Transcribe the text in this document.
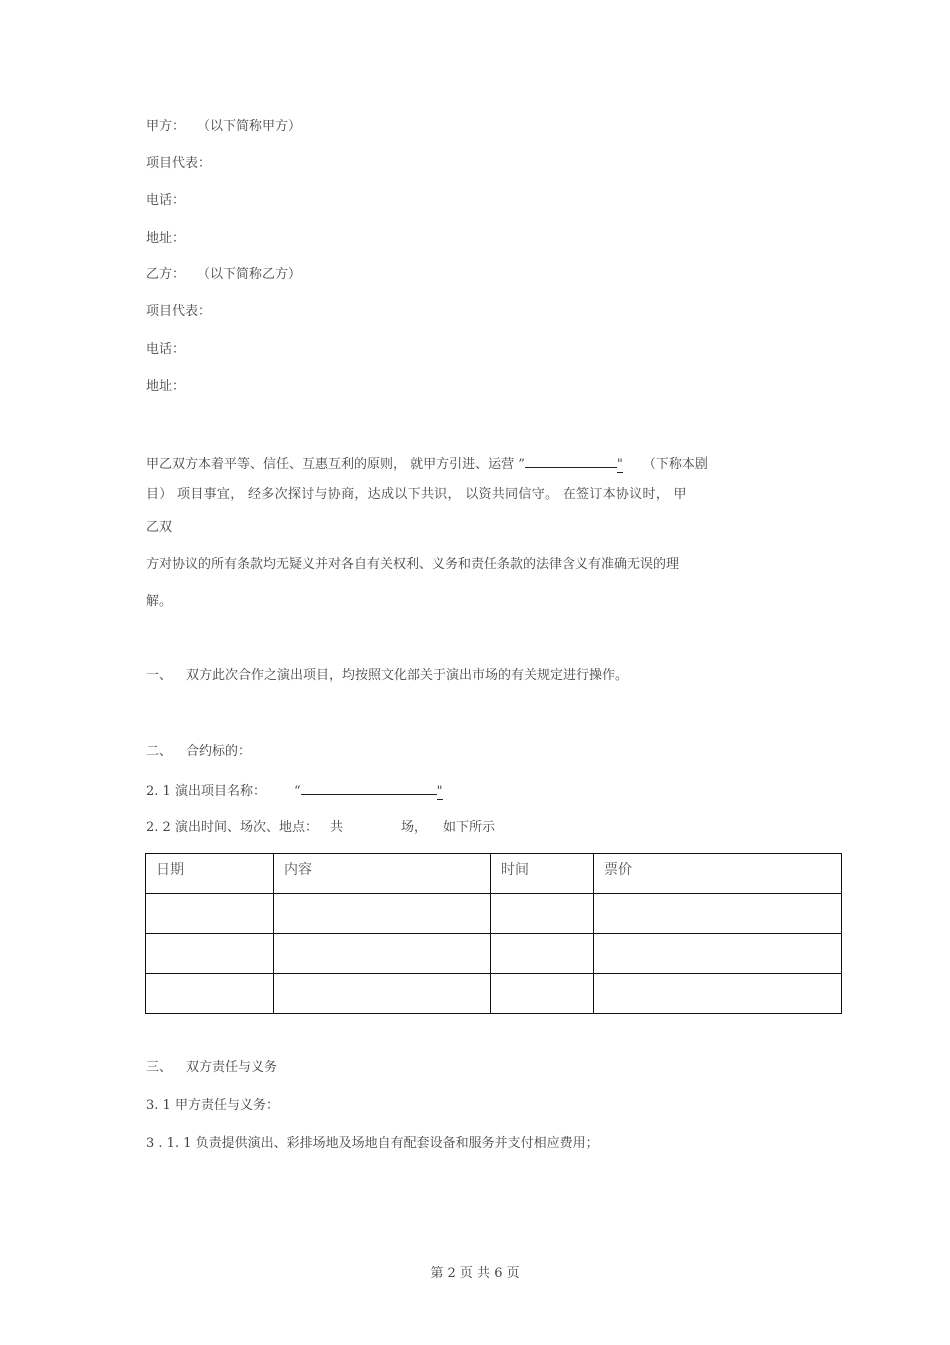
甲方： （以下简称甲方）
项目代表：
电话：
地址：
乙方： （以下简称乙方）
项目代表：
电话：
地址：
甲乙双方本着平等、信任、互惠互利的原则， 就甲方引进、运营 ”	" （下称本剧
目） 项目事宜， 经多次探讨与协商，达成以下共识， 以资共同信守。 在签订本协议时， 甲
乙双
方对协议的所有条款均无疑义并对各自有关权利、义务和责任条款的法律含义有准确无误的理
解。
一、 双方此次合作之演出项目，均按照文化部关于演出市场的有关规定进行操作。
二、 合约标的：
2. 1 演出项目名称： “	"
2. 2 演出时间、场次、地点： 共	场， 如下所示
日期	内容	时间	票价

三、 双方责任与义务
3. 1 甲方责任与义务：
3 . 1. 1 负责提供演出、彩排场地及场地自有配套设备和服务并支付相应费用；
第 2 页 共 6 页
